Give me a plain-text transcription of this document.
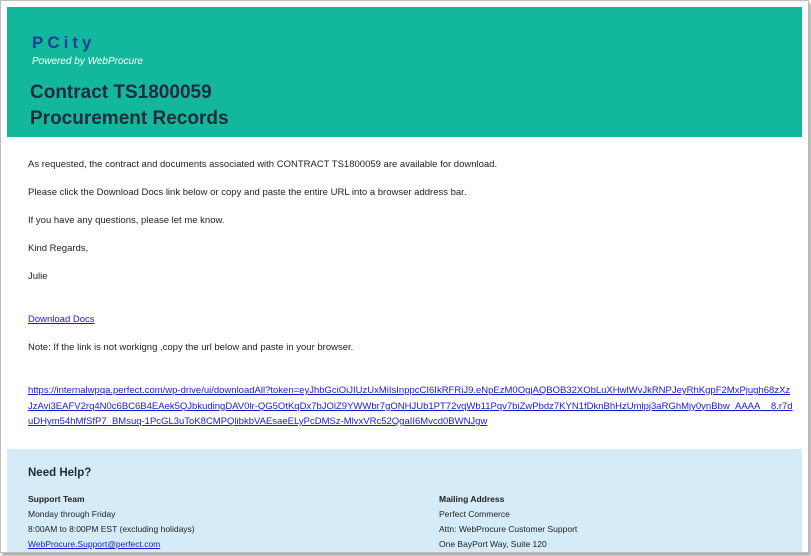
PCity
Powered by WebProcure
Contract TS1800059
Procurement Records

As requested, the contract and documents associated with CONTRACT TS1800059 are available for download.

Please click the Download Docs link below or copy and paste the entire URL into a browser address bar.

If you have any questions, please let me know.

Kind Regards,

Julie

Download Docs

Note: If the link is not workigng ,copy the url below and paste in your browser.

https://internalwpqa.perfect.com/wp-drive/ui/downloadAll?token=eyJhbGciOiJIUzUxMiIsInppcCI6IkRFRiJ9.eNpEzM0OgjAQBOB32XObLuXHwlWvJkRNPJeyRhKgpF2MxPjugh68zXzJzAvi3EAFV2rq4N0c6BC6B4EAek5QJbkudingDAV0lr-QG5OtKqDx7bJOlZ9YWWbr7gONHJUb1PT72vqWb11Pqv7biZwPbdz7KYN1fDknBhHzUmlpj3aRGhMjy0ynBbw_AAAA__8.r7duDHym54hMfSfP7_BMsuq-1PcGL3uToK8CMPQlibkbVAEsaeELyPcDMSz-MlvxVRc52QgaII6Mvcd0BWNJgw
Need Help?
Support Team
Monday through Friday
8:00AM to 8:00PM EST (excluding holidays)
WebProcure.Support@perfect.com
Mailing Address
Perfect Commerce
Attn: WebProcure Customer Support
One BayPort Way, Suite 120
